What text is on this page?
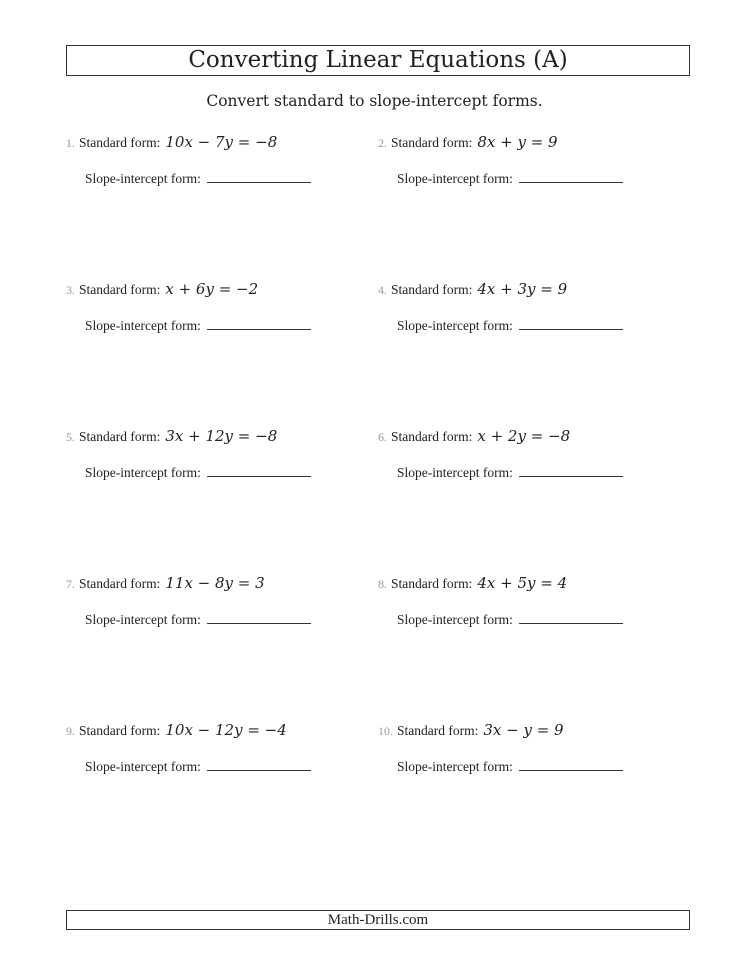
Converting Linear Equations (A)
Convert standard to slope-intercept forms.
1. Standard form: 10x − 7y = −8
Slope-intercept form:
2. Standard form: 8x + y = 9
Slope-intercept form:
3. Standard form: x + 6y = −2
Slope-intercept form:
4. Standard form: 4x + 3y = 9
Slope-intercept form:
5. Standard form: 3x + 12y = −8
Slope-intercept form:
6. Standard form: x + 2y = −8
Slope-intercept form:
7. Standard form: 11x − 8y = 3
Slope-intercept form:
8. Standard form: 4x + 5y = 4
Slope-intercept form:
9. Standard form: 10x − 12y = −4
Slope-intercept form:
10. Standard form: 3x − y = 9
Slope-intercept form:
Math-Drills.com
